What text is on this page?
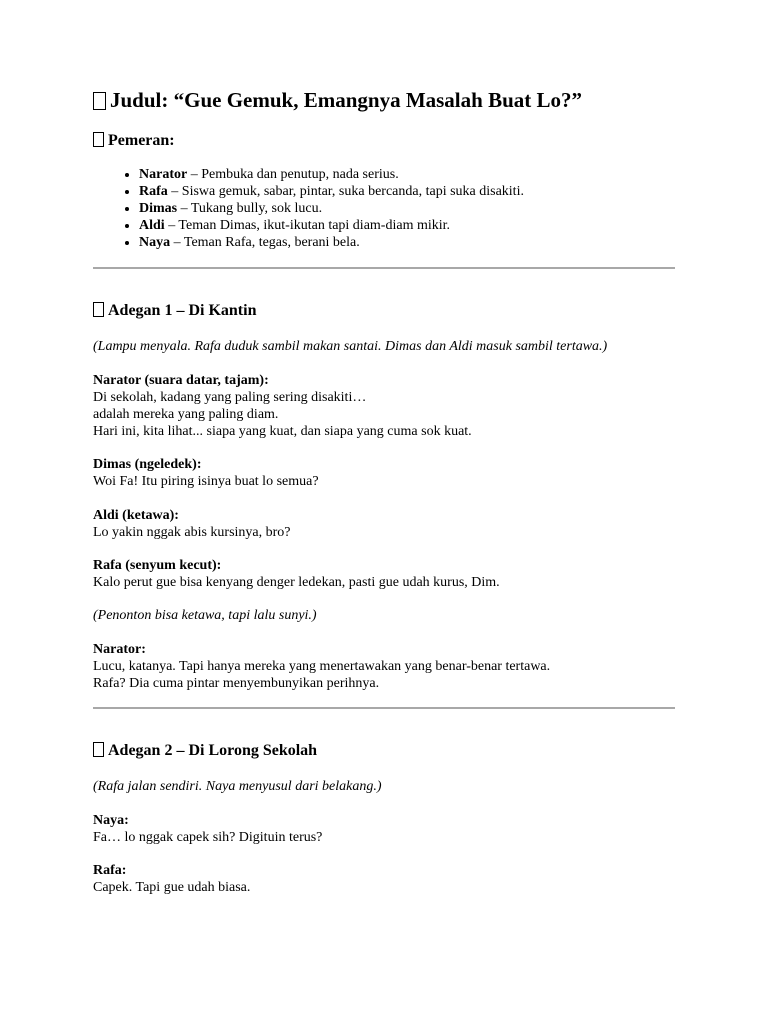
Judul: “Gue Gemuk, Emangnya Masalah Buat Lo?”
Pemeran:
• Narator – Pembuka dan penutup, nada serius.
• Rafa – Siswa gemuk, sabar, pintar, suka bercanda, tapi suka disakiti.
• Dimas – Tukang bully, sok lucu.
• Aldi – Teman Dimas, ikut-ikutan tapi diam-diam mikir.
• Naya – Teman Rafa, tegas, berani bela.
Adegan 1 – Di Kantin
(Lampu menyala. Rafa duduk sambil makan santai. Dimas dan Aldi masuk sambil tertawa.)
Narator (suara datar, tajam):
Di sekolah, kadang yang paling sering disakiti…
adalah mereka yang paling diam.
Hari ini, kita lihat... siapa yang kuat, dan siapa yang cuma sok kuat.
Dimas (ngeledek):
Woi Fa! Itu piring isinya buat lo semua?
Aldi (ketawa):
Lo yakin nggak abis kursinya, bro?
Rafa (senyum kecut):
Kalo perut gue bisa kenyang denger ledekan, pasti gue udah kurus, Dim.
(Penonton bisa ketawa, tapi lalu sunyi.)
Narator:
Lucu, katanya. Tapi hanya mereka yang menertawakan yang benar-benar tertawa.
Rafa? Dia cuma pintar menyembunyikan perihnya.
Adegan 2 – Di Lorong Sekolah
(Rafa jalan sendiri. Naya menyusul dari belakang.)
Naya:
Fa… lo nggak capek sih? Digituin terus?
Rafa:
Capek. Tapi gue udah biasa.
